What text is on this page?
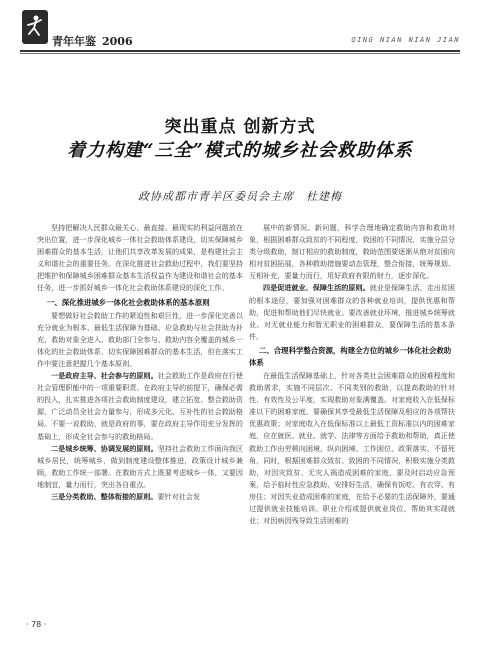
青年年鉴 2006	QING NIAN NIAN JIAN
突出重点 创新方式
着力构建“三全”模式的城乡社会救助体系
政协成都市青羊区委员会主席 杜建梅

坚持把解决人民群众最关心、最直接、最现实的利益问题放在突出位置，进一步深化城乡一体社会救助体系建设，切实保障城乡困难群众的基本生活，让他们共享改革发展的成果，是构建社会主义和谐社会的重要任务。在深化推进社会救助过程中，我们要坚持把维护和保障城乡困难群众基本生活权益作为建设和谐社会的基本任务，进一步抓好城乡一体化社会救助体系建设的深化工作。

一、深化推进城乡一体化社会救助体系的基本原则

要想做好社会救助工作的紧迫性和艰巨性，进一步深化完善以充分就业为根本、最低生活保障为基础、应急救助与社会扶助为补充，救助对象全进入、救助部门全参与、救助内容全覆盖的城乡一体化的社会救助体系，切实保障困难群众的基本生活，但在落实工作中要注意把握几个基本原则。

一是政府主导、社会参与的原则。社会救助工作是政府在行使社会管理职能中的一项重要职责。在政府主导的前提下，确保必需的投入，扎实推进各项社会救助制度建设，建立拓宽、整合救助资源，广泛动员全社会力量参与，形成多元化、互补性的社会救助格局。不要一说救助，就是政府的事，要在政府主导作用充分发挥的基础上，形成全社会参与的救助格局。

二是城乡统筹、协调发展的原则。坚持社会救助工作面向我区城乡居民，统筹城乡，做到制度建设整体推进，政策设计城乡兼顾，救助工作统一部署。在救助方式上既要考虑城乡一体，又要因地制宜，量力而行，突出各自重点。

三是分类救助、整体衔接的原则。要针对社会发

展中的新情况、新问题，科学合理地确定救助内容和救助对象，根据困难群众致贫的不同程度，致困的不同情况，实施分层分类分级救助，制订相应的救助制度，救助范围要逐渐从绝对贫困向相对贫困拓展，各种救助措施要动态管理，整合衔接，统筹规划、互相补充，要量力而行，用好政府有限的财力，逐步深化。

四是促进就业、保障生活的原则。就业是保障生活、走出贫困的根本途径，要加强对困难群众的各种就业培训，提供优惠和帮助，促进和帮助他们尽快就业。要改善就业环境，推进城乡统筹就业。对无就业能力和暂无职业的困难群众，要保障生活的基本条件。

二、合理科学整合资源，构建全方位的城乡一体化社会救助体系

在最低生活保障基础上，针对各类社会困难群众的困难程度和救助需求，实施不同层次、不同类别的救助，以提高救助的针对性、有效性及公平度，实现救助对象满覆盖。对家庭收入在低保标准以下的困难家庭，要确保其享受最低生活保障及相应的各项帮扶优惠政策；对家庭收入在低保标准以上最低工资标准以内的困难家庭，应在就医、就业、就学、法律等方面给予救助和帮助，真正使救助工作由劳顿向困境、纵向困境、工作困位、政策落实、不留死角，同时，根据困难群众致贫、致困的不同情况，积极实施分类救助，对因灾致贫、无灾人祸造成困难的家庭，要及时启动应急预案，给予临时性应急救助，安排好生活，确保有饭吃、有衣穿、有房住；对因失业造成困难的家庭，在给予必要的生活保障外，要通过提供就业技能培训、职业介绍或提供就业岗位，帮助其实现就业；对因病因残导致生活困难的

· 78 ·
